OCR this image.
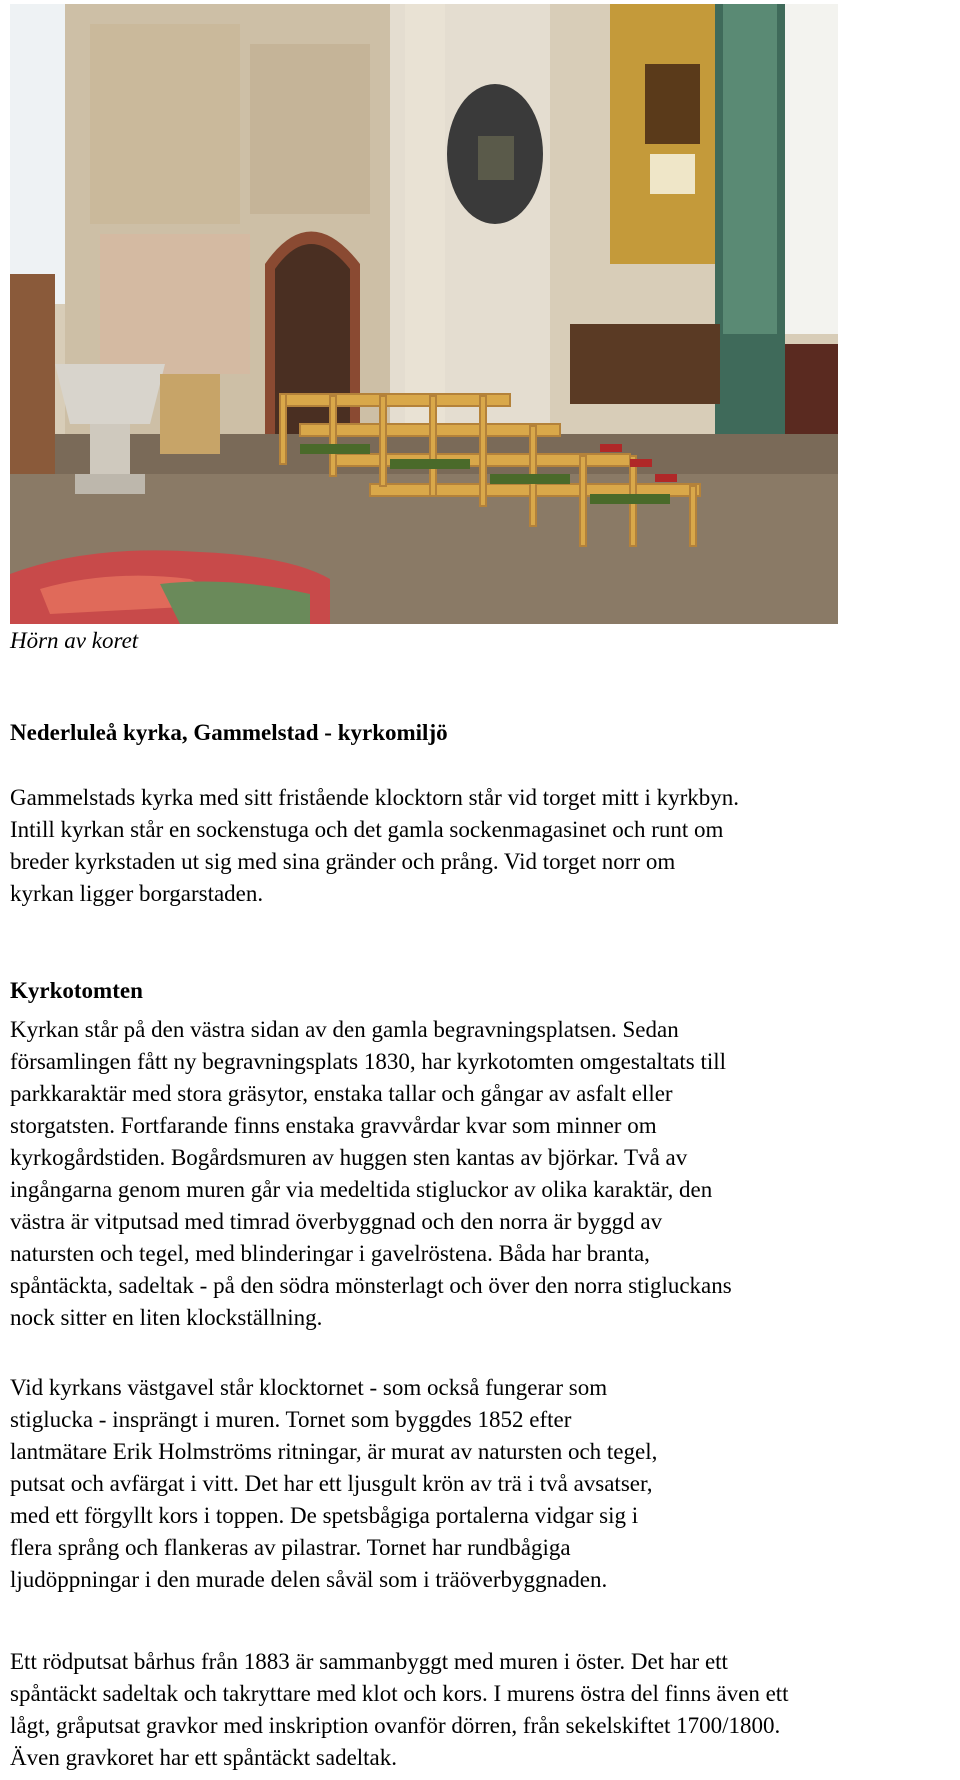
Hörn av koret
Nederluleå kyrka, Gammelstad - kyrkomiljö
Gammelstads kyrka med sitt fristående klocktorn står vid torget mitt i kyrkbyn.
Intill kyrkan står en sockenstuga och det gamla sockenmagasinet och runt om
breder kyrkstaden ut sig med sina gränder och prång. Vid torget norr om
kyrkan ligger borgarstaden.
Kyrkotomten
Kyrkan står på den västra sidan av den gamla begravningsplatsen. Sedan
församlingen fått ny begravningsplats 1830, har kyrkotomten omgestaltats till
parkkaraktär med stora gräsytor, enstaka tallar och gångar av asfalt eller
storgatsten. Fortfarande finns enstaka gravvårdar kvar som minner om
kyrkogårdstiden. Bogårdsmuren av huggen sten kantas av björkar. Två av
ingångarna genom muren går via medeltida stigluckor av olika karaktär, den
västra är vitputsad med timrad överbyggnad och den norra är byggd av
natursten och tegel, med blinderingar i gavelröstena. Båda har branta,
spåntäckta, sadeltak - på den södra mönsterlagt och över den norra stigluckans
nock sitter en liten klockställning.
Vid kyrkans västgavel står klocktornet - som också fungerar som
stiglucka - insprängt i muren. Tornet som byggdes 1852 efter
lantmätare Erik Holmströms ritningar, är murat av natursten och tegel,
putsat och avfärgat i vitt. Det har ett ljusgult krön av trä i två avsatser,
med ett förgyllt kors i toppen. De spetsbågiga portalerna vidgar sig i
flera språng och flankeras av pilastrar. Tornet har rundbågiga
ljudöppningar i den murade delen såväl som i träöverbyggnaden.
Ett rödputsat bårhus från 1883 är sammanbyggt med muren i öster. Det har ett
spåntäckt sadeltak och takryttare med klot och kors. I murens östra del finns även ett
lågt, gråputsat gravkor med inskription ovanför dörren, från sekelskiftet 1700/1800.
Även gravkoret har ett spåntäckt sadeltak.
